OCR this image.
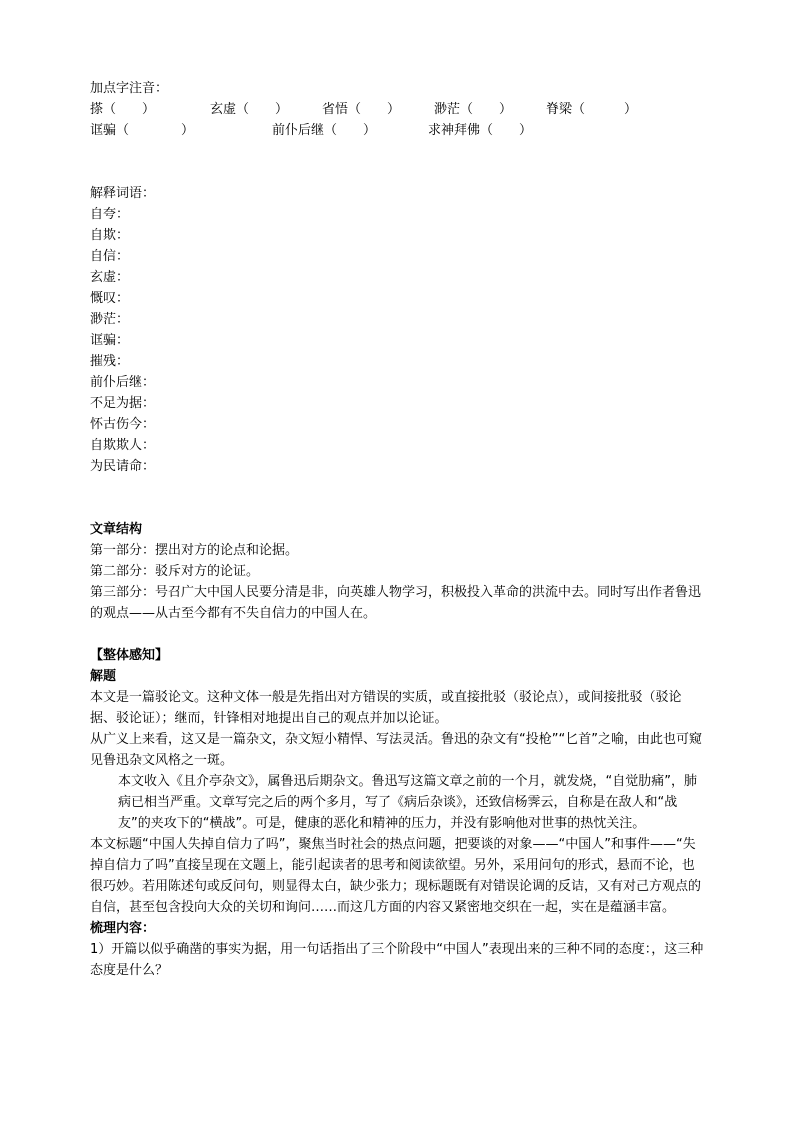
加点字注音：
搽（　　）	玄虚（　　）	省悟（　　）	渺茫（　　）	脊梁（　　　）
诓骗（　　　　）	前仆后继（　　）	求神拜佛（　　）
解释词语：
自夸：
自欺：
自信：
玄虚：
慨叹：
渺茫：
诓骗：
摧残：
前仆后继：
不足为据：
怀古伤今：
自欺欺人：
为民请命：
文章结构
第一部分：摆出对方的论点和论据。
第二部分：驳斥对方的论证。
第三部分：号召广大中国人民要分清是非，向英雄人物学习，积极投入革命的洪流中去。同时写出作者鲁迅的观点——从古至今都有不失自信力的中国人在。
【整体感知】
解题
本文是一篇驳论文。这种文体一般是先指出对方错误的实质，或直接批驳（驳论点），或间接批驳（驳论据、驳论证）；继而，针锋相对地提出自己的观点并加以论证。
从广义上来看，这又是一篇杂文，杂文短小精悍、写法灵活。鲁迅的杂文有“投枪”“匕首”之喻，由此也可窥见鲁迅杂文风格之一斑。
本文收入《且介亭杂文》，属鲁迅后期杂文。鲁迅写这篇文章之前的一个月，就发烧，“自觉肋痛”，肺病已相当严重。文章写完之后的两个多月，写了《病后杂谈》，还致信杨霁云，自称是在敌人和“战 友”的夹攻下的“横战”。可是，健康的恶化和精神的压力，并没有影响他对世事的热忱关注。
本文标题“中国人失掉自信力了吗”，聚焦当时社会的热点问题，把要谈的对象——“中国人”和事件——“失掉自信力了吗”直接呈现在文题上，能引起读者的思考和阅读欲望。另外，采用问句的形式，悬而不论，也很巧妙。若用陈述句或反问句，则显得太白，缺少张力；现标题既有对错误论调的反诘，又有对己方观点的自信，甚至包含投向大众的关切和询问……而这几方面的内容又紧密地交织在一起，实在是蕴涵丰富。
梳理内容：
1）开篇以似乎确凿的事实为据，用一句话指出了三个阶段中“中国人”表现出来的三种不同的态度：，这三种态度是什么？
